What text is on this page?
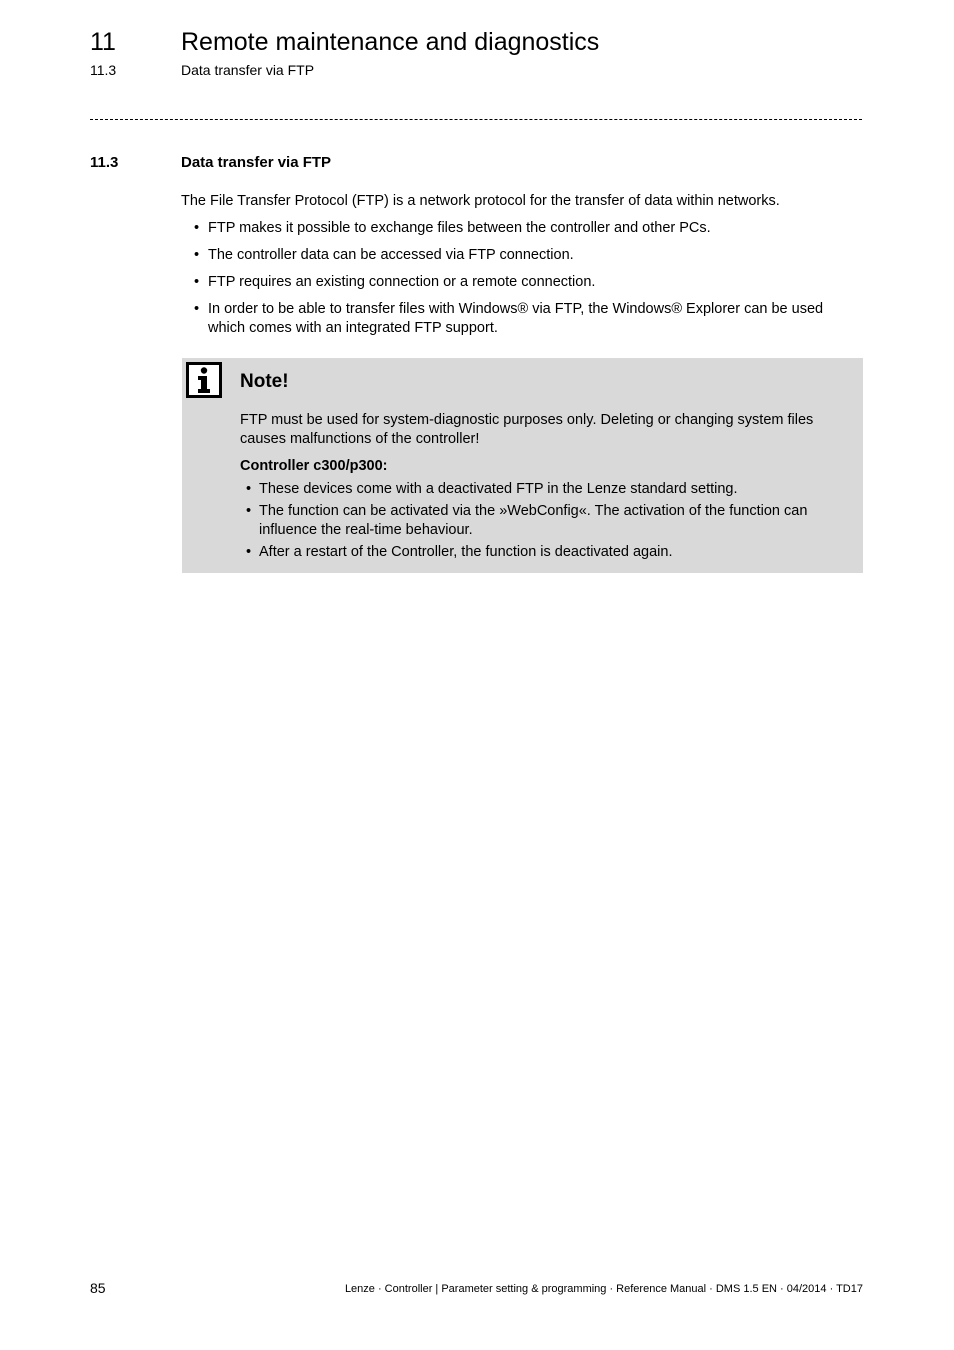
11	Remote maintenance and diagnostics
11.3	Data transfer via FTP
11.3	Data transfer via FTP

The File Transfer Protocol (FTP) is a network protocol for the transfer of data within networks.

• FTP makes it possible to exchange files between the controller and other PCs.
• The controller data can be accessed via FTP connection.
• FTP requires an existing connection or a remote connection.
• In order to be able to transfer files with Windows® via FTP, the Windows® Explorer can be used which comes with an integrated FTP support.
Note!

FTP must be used for system-diagnostic purposes only. Deleting or changing system files causes malfunctions of the controller!

Controller c300/p300:

• These devices come with a deactivated FTP in the Lenze standard setting.
• The function can be activated via the »WebConfig«. The activation of the function can influence the real-time behaviour.
• After a restart of the Controller, the function is deactivated again.
85	Lenze · Controller | Parameter setting & programming · Reference Manual · DMS 1.5 EN · 04/2014 · TD17
